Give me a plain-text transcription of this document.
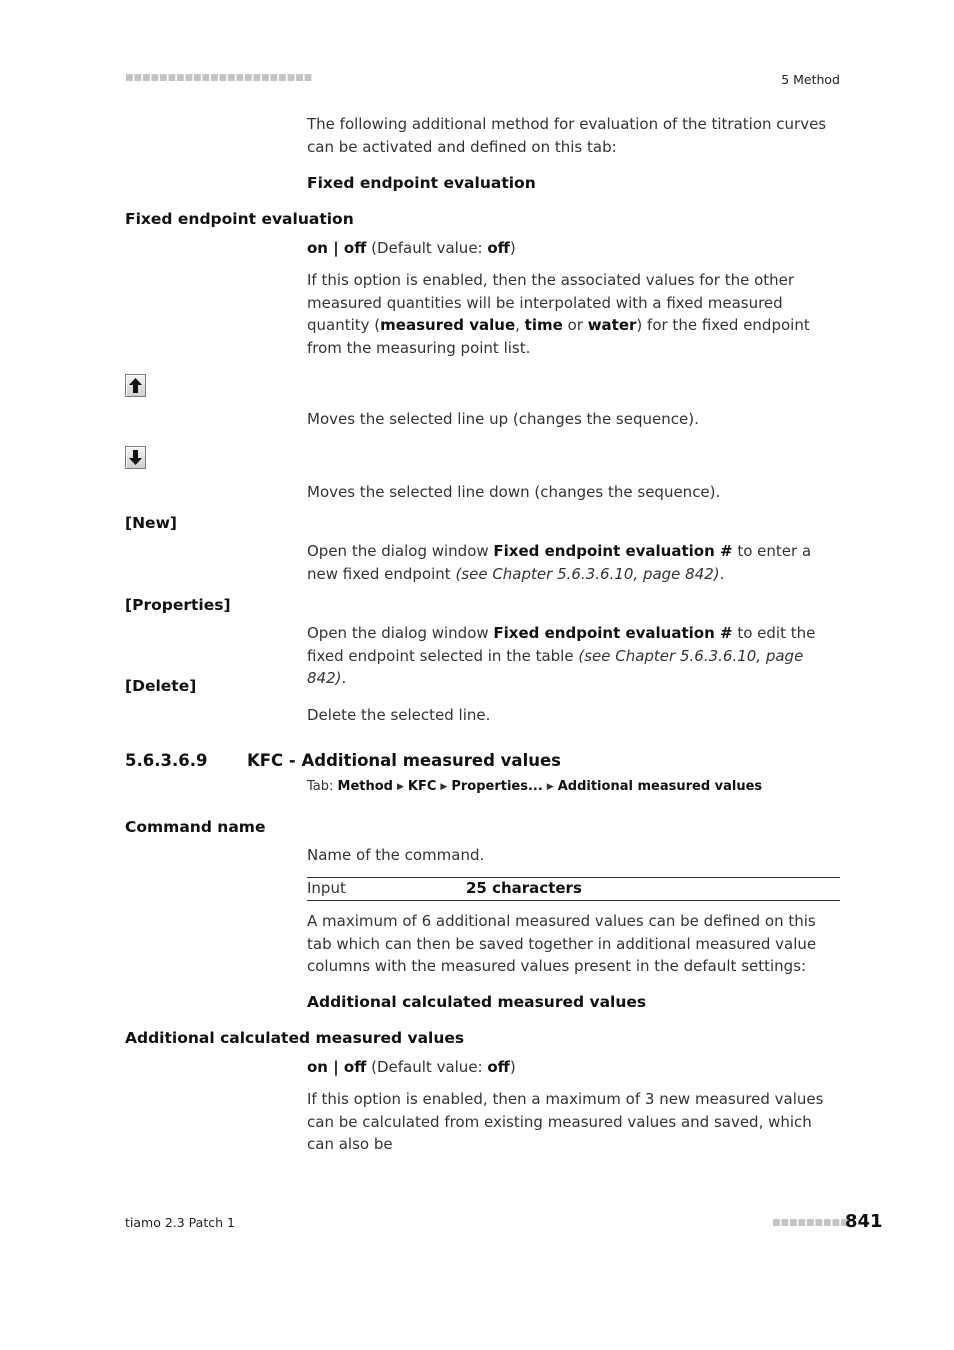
■■■■■■■■■■■■■■■■■■■■■■	5 Method
The following additional method for evaluation of the titration curves can be activated and defined on this tab:
Fixed endpoint evaluation
Fixed endpoint evaluation
on | off (Default value: off)
If this option is enabled, then the associated values for the other measured quantities will be interpolated with a fixed measured quantity (measured value, time or water) for the fixed endpoint from the measuring point list.
Moves the selected line up (changes the sequence).
Moves the selected line down (changes the sequence).
[New]
Open the dialog window Fixed endpoint evaluation # to enter a new fixed endpoint (see Chapter 5.6.3.6.10, page 842).
[Properties]
Open the dialog window Fixed endpoint evaluation # to edit the fixed endpoint selected in the table (see Chapter 5.6.3.6.10, page 842).
[Delete]
Delete the selected line.
5.6.3.6.9 KFC - Additional measured values
Tab: Method ▶ KFC ▶ Properties... ▶ Additional measured values
Command name
Name of the command.
Input	25 characters
A maximum of 6 additional measured values can be defined on this tab which can then be saved together in additional measured value columns with the measured values present in the default settings:
Additional calculated measured values
Additional calculated measured values
on | off (Default value: off)
If this option is enabled, then a maximum of 3 new measured values can be calculated from existing measured values and saved, which can also be
tiamo 2.3 Patch 1	■■■■■■■■■
841
